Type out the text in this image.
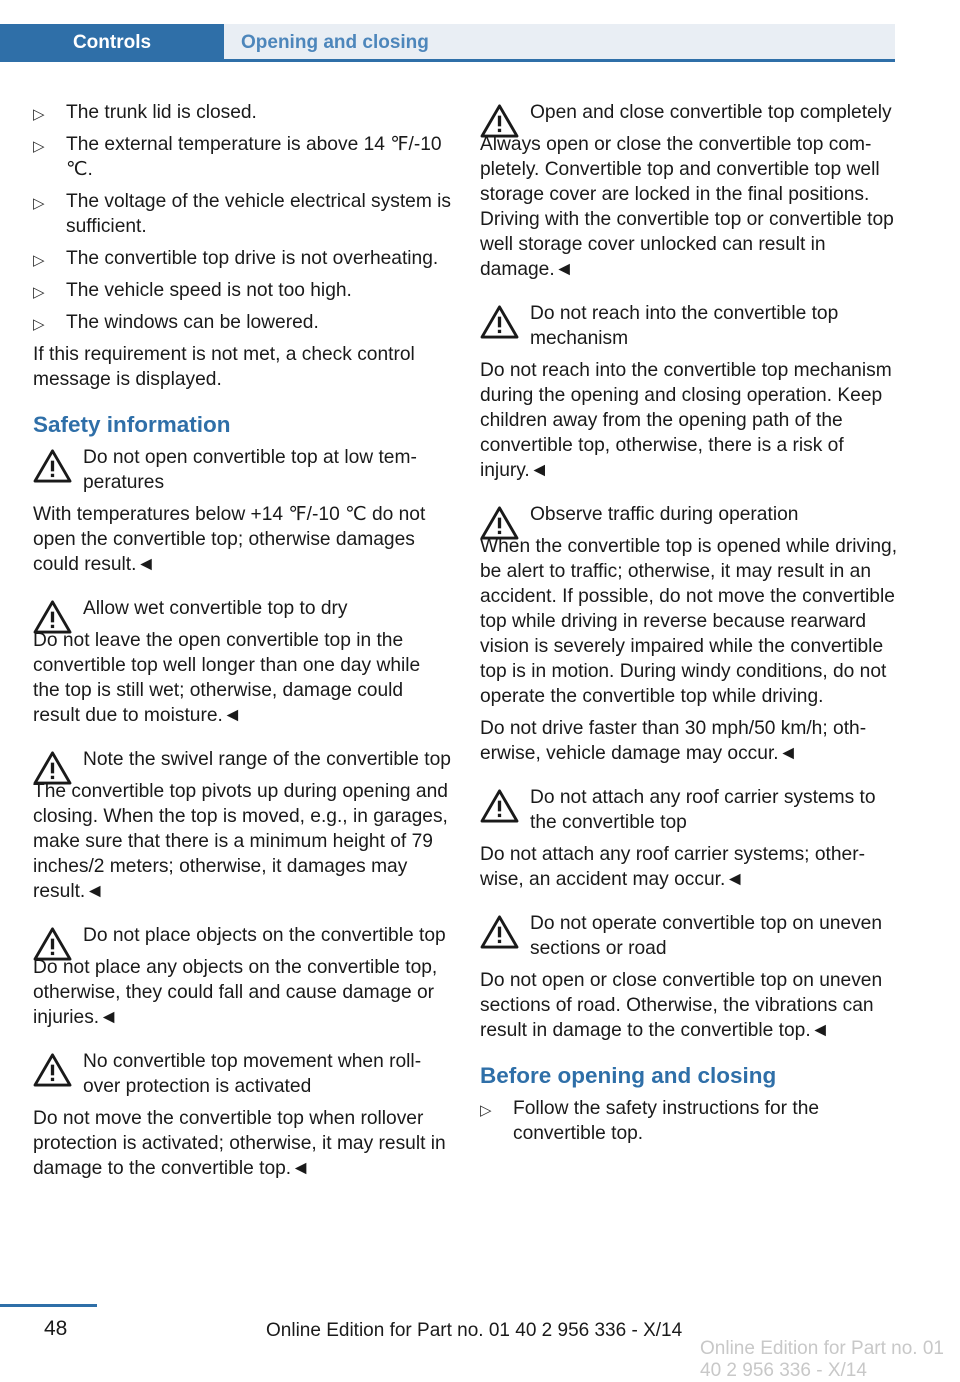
Controls	Opening and closing
▷ The trunk lid is closed.
▷ The external temperature is above 14 ℉/-10 ℃.
▷ The voltage of the vehicle electrical system is sufficient.
▷ The convertible top drive is not overheating.
▷ The vehicle speed is not too high.
▷ The windows can be lowered.

If this requirement is not met, a check control message is displayed.

Safety information
Do not open convertible top at low temperatures

With temperatures below +14 ℉/-10 ℃ do not open the convertible top; otherwise damages could result.◄

Allow wet convertible top to dry

Do not leave the open convertible top in the convertible top well longer than one day while the top is still wet; otherwise, damage could result due to moisture.◄

Note the swivel range of the convertible top

The convertible top pivots up during opening and closing. When the top is moved, e.g., in garages, make sure that there is a minimum height of 79 inches/2 meters; otherwise, it damages may result.◄

Do not place objects on the convertible top

Do not place any objects on the convertible top, otherwise, they could fall and cause damage or injuries.◄

No convertible top movement when rollover protection is activated

Do not move the convertible top when rollover protection is activated; otherwise, it may result in damage to the convertible top.◄

Open and close convertible top completely

Always open or close the convertible top completely. Convertible top and convertible top well storage cover are locked in the final positions. Driving with the convertible top or convertible top well storage cover unlocked can result in damage.◄

Do not reach into the convertible top mechanism

Do not reach into the convertible top mechanism during the opening and closing operation. Keep children away from the opening path of the convertible top, otherwise, there is a risk of injury.◄

Observe traffic during operation

When the convertible top is opened while driving, be alert to traffic; otherwise, it may result in an accident. If possible, do not move the convertible top while driving in reverse because rearward vision is severely impaired while the convertible top is in motion. During windy conditions, do not operate the convertible top while driving.

Do not drive faster than 30 mph/50 km/h; otherwise, vehicle damage may occur.◄

Do not attach any roof carrier systems to the convertible top

Do not attach any roof carrier systems; otherwise, an accident may occur.◄

Do not operate convertible top on uneven sections or road

Do not open or close convertible top on uneven sections of road. Otherwise, the vibrations can result in damage to the convertible top.◄

Before opening and closing
▷ Follow the safety instructions for the convertible top.
48	Online Edition for Part no. 01 40 2 956 336 - X/14
Online Edition for Part no. 01 40 2 956 336 - X/14
